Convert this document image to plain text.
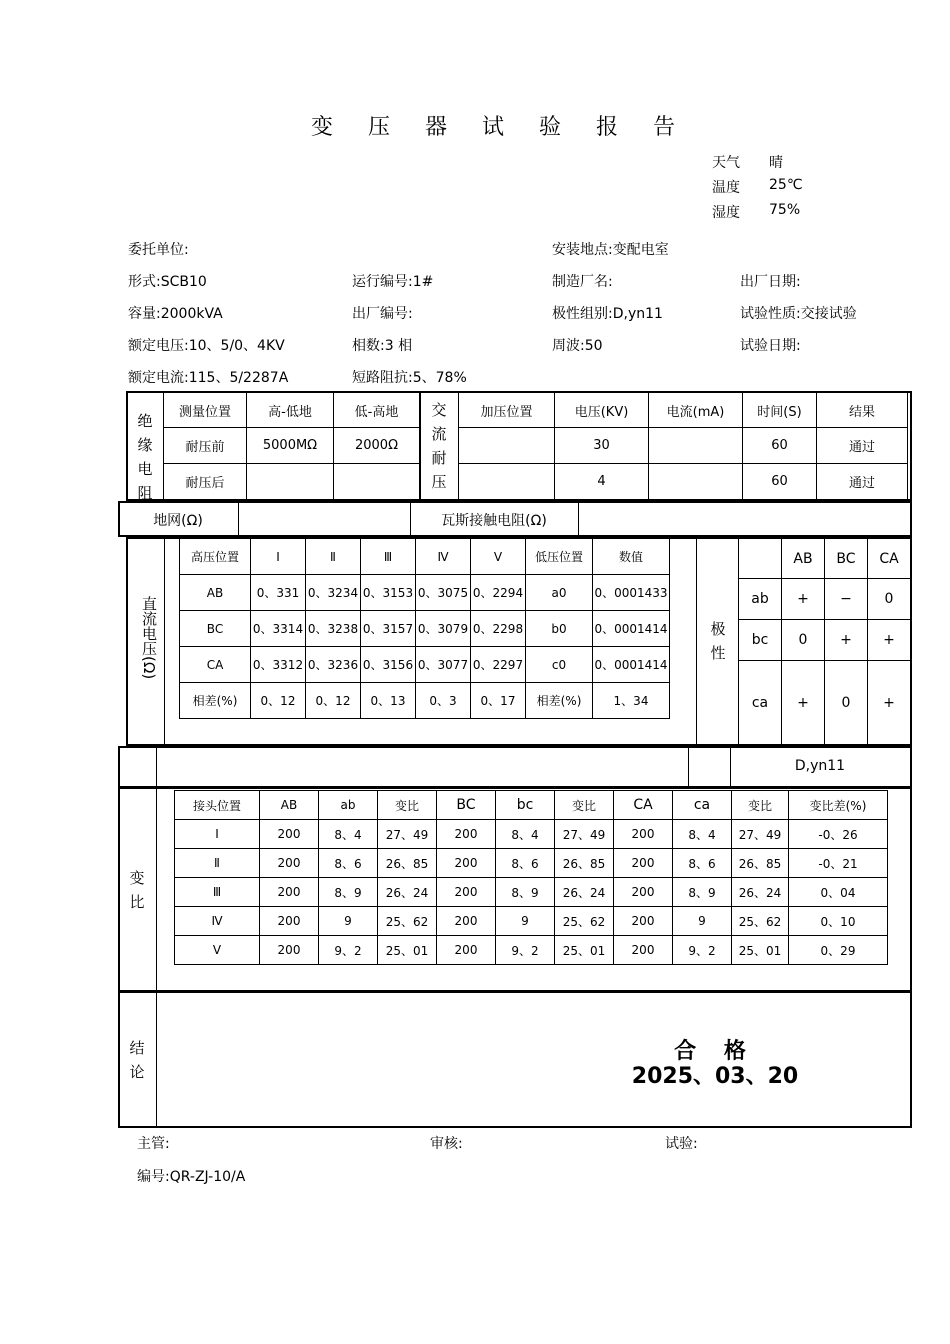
变 压 器 试 验 报 告
天气 晴
温度 25℃
湿度 75%
委托单位:	安装地点:变配电室
形式:SCB10	运行编号:1#	制造厂名:	出厂日期:
容量:2000kVA	出厂编号:	极性组别:D,yn11	试验性质:交接试验
额定电压:10、5/0、4KV	相数:3 相	周波:50	试验日期:
额定电流:115、5/2287A	短路阻抗:5、78%
绝
缘
电
阻
测量位置	高-低地	低-高地
耐压前	5000MΩ	2000Ω
耐压后		
交
流
耐
压
加压位置	电压(KV)	电流(mA)	时间(S)	结果
	30		60	通过
	4		60	通过
地网(Ω)	瓦斯接触电阻(Ω)
直流电压(Ω)
高压位置	Ⅰ	Ⅱ	Ⅲ	Ⅳ	Ⅴ	低压位置	数值
AB	0、331	0、3234	0、3153	0、3075	0、2294	a0	0、0001433
BC	0、3314	0、3238	0、3157	0、3079	0、2298	b0	0、0001414
CA	0、3312	0、3236	0、3156	0、3077	0、2297	c0	0、0001414
相差(%)	0、12	0、12	0、13	0、3	0、17	相差(%)	1、34
极
性
	AB	BC	CA
ab	+	−	0
bc	0	+	+
ca	+	0	+
D,yn11
变
比
接头位置	AB	ab	变比	BC	bc	变比	CA	ca	变比	变比差(%)
Ⅰ	200	8、4	27、49	200	8、4	27、49	200	8、4	27、49	-0、26
Ⅱ	200	8、6	26、85	200	8、6	26、85	200	8、6	26、85	-0、21
Ⅲ	200	8、9	26、24	200	8、9	26、24	200	8、9	26、24	0、04
Ⅳ	200	9	25、62	200	9	25、62	200	9	25、62	0、10
Ⅴ	200	9、2	25、01	200	9、2	25、01	200	9、2	25、01	0、29
结
论
合 格
2025、03、20
主管:	审核:	试验:
编号:QR-ZJ-10/A
